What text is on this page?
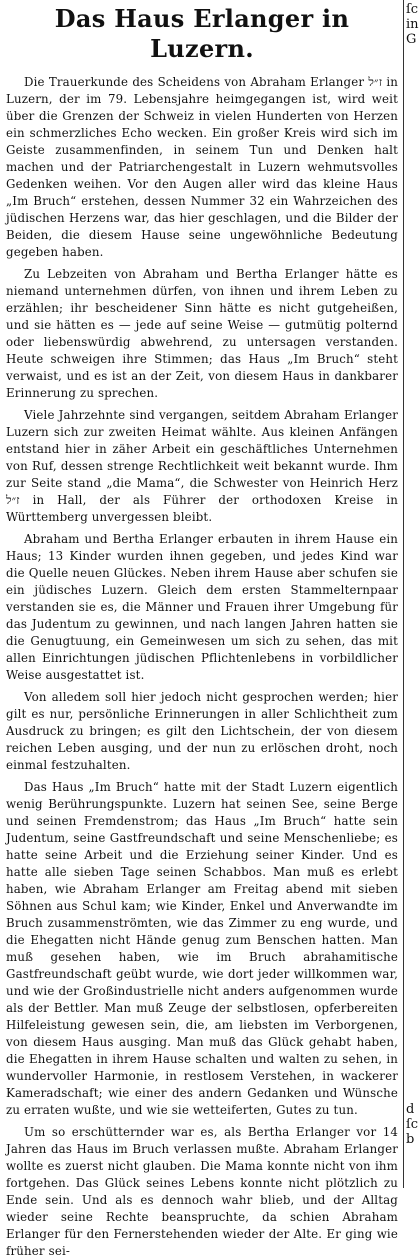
Das Haus Erlanger in Luzern.

Die Trauerkunde des Scheidens von Abraham Erlanger ז״ל in Luzern, der im 79. Lebensjahre heimgegangen ist, wird weit über die Grenzen der Schweiz in vielen Hunderten von Herzen ein schmerzliches Echo wecken. Ein großer Kreis wird sich im Geiste zusammenfinden, in seinem Tun und Denken halt machen und der Patriarchengestalt in Luzern wehmutsvolles Gedenken weihen. Vor den Augen aller wird das kleine Haus „Im Bruch“ erstehen, dessen Nummer 32 ein Wahrzeichen des jüdischen Herzens war, das hier geschlagen, und die Bilder der Beiden, die diesem Hause seine ungewöhnliche Bedeutung gegeben haben.

Zu Lebzeiten von Abraham und Bertha Erlanger hätte es niemand unternehmen dürfen, von ihnen und ihrem Leben zu erzählen; ihr bescheidener Sinn hätte es nicht gutgeheißen, und sie hätten es — jede auf seine Weise — gutmütig polternd oder liebenswürdig abwehrend, zu untersagen verstanden. Heute schweigen ihre Stimmen; das Haus „Im Bruch“ steht verwaist, und es ist an der Zeit, von diesem Haus in dankbarer Erinnerung zu sprechen.

Viele Jahrzehnte sind vergangen, seitdem Abraham Erlanger Luzern sich zur zweiten Heimat wählte. Aus kleinen Anfängen entstand hier in zäher Arbeit ein geschäftliches Unternehmen von Ruf, dessen strenge Rechtlichkeit weit bekannt wurde. Ihm zur Seite stand „die Mama“, die Schwester von Heinrich Herz ז״ל in Hall, der als Führer der orthodoxen Kreise in Württemberg unvergessen bleibt.

Abraham und Bertha Erlanger erbauten in ihrem Hause ein Haus; 13 Kinder wurden ihnen gegeben, und jedes Kind war die Quelle neuen Glückes. Neben ihrem Hause aber schufen sie ein jüdisches Luzern. Gleich dem ersten Stammelternpaar verstanden sie es, die Männer und Frauen ihrer Umgebung für das Judentum zu gewinnen, und nach langen Jahren hatten sie die Genugtuung, ein Gemeinwesen um sich zu sehen, das mit allen Einrichtungen jüdischen Pflichtenlebens in vorbildlicher Weise ausgestattet ist.

Von alledem soll hier jedoch nicht gesprochen werden; hier gilt es nur, persönliche Erinnerungen in aller Schlichtheit zum Ausdruck zu bringen; es gilt den Lichtschein, der von diesem reichen Leben ausging, und der nun zu erlöschen droht, noch einmal festzuhalten.

Das Haus „Im Bruch“ hatte mit der Stadt Luzern eigentlich wenig Berührungspunkte. Luzern hat seinen See, seine Berge und seinen Fremdenstrom; das Haus „Im Bruch“ hatte sein Judentum, seine Gastfreundschaft und seine Menschenliebe; es hatte seine Arbeit und die Erziehung seiner Kinder. Und es hatte alle sieben Tage seinen Schabbos. Man muß es erlebt haben, wie Abraham Erlanger am Freitag abend mit sieben Söhnen aus Schul kam; wie Kinder, Enkel und Anverwandte im Bruch zusammenströmten, wie das Zimmer zu eng wurde, und die Ehegatten nicht Hände genug zum Benschen hatten. Man muß gesehen haben, wie im Bruch abrahamitische Gastfreundschaft geübt wurde, wie dort jeder willkommen war, und wie der Großindustrielle nicht anders aufgenommen wurde als der Bettler. Man muß Zeuge der selbstlosen, opferbereiten Hilfeleistung gewesen sein, die, am liebsten im Verborgenen, von diesem Haus ausging. Man muß das Glück gehabt haben, die Ehegatten in ihrem Hause schalten und walten zu sehen, in wundervoller Harmonie, in restlosem Verstehen, in wackerer Kameradschaft; wie einer des andern Gedanken und Wünsche zu erraten wußte, und wie sie wetteiferten, Gutes zu tun.

Um so erschütternder war es, als Bertha Erlanger vor 14 Jahren das Haus im Bruch verlassen mußte. Abraham Erlanger wollte es zuerst nicht glauben. Die Mama konnte nicht von ihm fortgehen. Das Glück seines Lebens konnte nicht plötzlich zu Ende sein. Und als es dennoch wahr blieb, und der Alltag wieder seine Rechte beanspruchte, da schien Abraham Erlanger für den Fernerstehenden wieder der Alte. Er ging wie früher sei-

ſc
in
G
d
ſc
b
